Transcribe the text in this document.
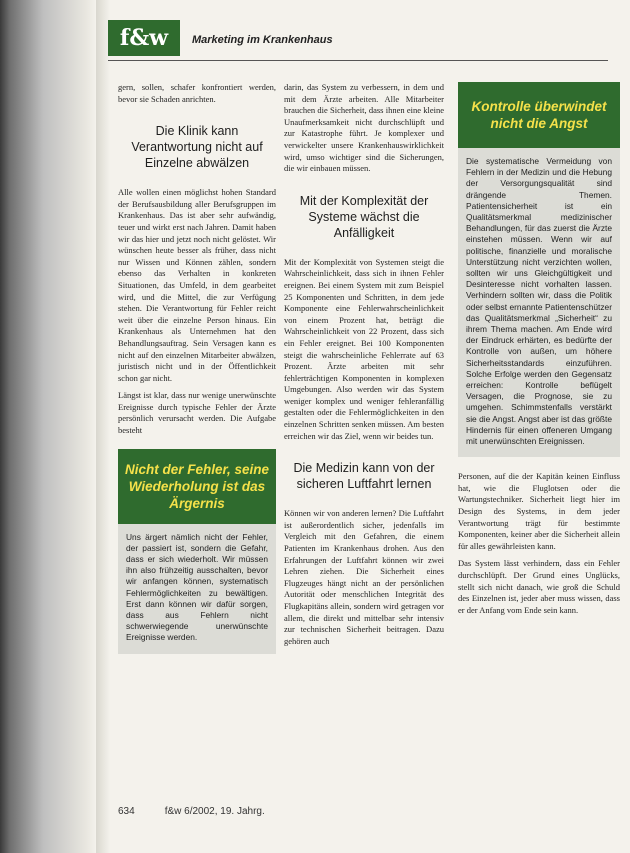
f&w	Marketing im Krankenhaus

gern, sollen, schafer konfrontiert werden, bevor sie Schaden anrichten.

Die Klinik kann Verantwortung nicht auf Einzelne abwälzen

Alle wollen einen möglichst hohen Standard der Berufsausbildung aller Berufsgruppen im Krankenhaus. Das ist aber sehr aufwändig, teuer und wirkt erst nach Jahren. Damit haben wir das hier und jetzt noch nicht gelöstet. Wir wünschen heute besser als früher, dass nicht nur Wissen und Können zählen, sondern ebenso das Verhalten in konkreten Situationen, das Umfeld, in dem gearbeitet wird, und die Mittel, die zur Verfügung stehen. Die Verantwortung für Fehler reicht weit über die einzelne Person hinaus. Ein Krankenhaus als Unternehmen hat den Behandlungsauftrag. Sein Versagen kann es nicht auf den einzelnen Mitarbeiter abwälzen, juristisch nicht und in der Öffentlichkeit schon gar nicht.

Längst ist klar, dass nur wenige unerwünschte Ereignisse durch typische Fehler der Ärzte persönlich verursacht werden. Die Aufgabe besteht

Nicht der Fehler, seine Wiederholung ist das Ärgernis

Uns ärgert nämlich nicht der Fehler, der passiert ist, sondern die Gefahr, dass er sich wiederholt. Wir müssen ihn also frühzeitig ausschalten, bevor wir anfangen können, systematisch Fehlermöglichkeiten zu bewältigen. Erst dann können wir dafür sorgen, dass aus Fehlern nicht schwerwiegende unerwünschte Ereignisse werden.

darin, das System zu verbessern, in dem und mit dem Ärzte arbeiten. Alle Mitarbeiter brauchen die Sicherheit, dass ihnen eine kleine Unaufmerksamkeit nicht durchschlüpft und zur Katastrophe führt. Je komplexer und verwickelter unsere Krankenhauswirklichkeit wird, umso wichtiger sind die Sicherungen, die wir einbauen müssen.

Mit der Komplexität der Systeme wächst die Anfälligkeit

Mit der Komplexität von Systemen steigt die Wahrscheinlichkeit, dass sich in ihnen Fehler ereignen. Bei einem System mit zum Beispiel 25 Komponenten und Schritten, in dem jede Komponente eine Fehlerwahrscheinlichkeit von einem Prozent hat, beträgt die Wahrscheinlichkeit von 22 Prozent, dass sich ein Fehler ereignet. Bei 100 Komponenten steigt die wahrscheinliche Fehlerrate auf 63 Prozent. Ärzte arbeiten mit sehr fehlerträchtigen Komponenten in komplexen Umgebungen. Also werden wir das System weniger komplex und weniger fehleranfällig gestalten oder die Fehlermöglichkeiten in den einzelnen Schritten senken müssen. Am besten erreichen wir das Ziel, wenn wir beides tun.

Die Medizin kann von der sicheren Luftfahrt lernen

Können wir von anderen lernen? Die Luftfahrt ist außerordentlich sicher, jedenfalls im Vergleich mit den Gefahren, die einem Patienten im Krankenhaus drohen. Aus den Erfahrungen der Luftfahrt können wir zwei Lehren ziehen. Die Sicherheit eines Flugzeuges hängt nicht an der persönlichen Autorität oder menschlichen Integrität des Flugkapitäns allein, sondern wird getragen vor allem, die direkt und mittelbar sehr intensiv zur technischen Sicherheit beitragen. Dazu gehören auch

Kontrolle überwindet nicht die Angst

Die systematische Vermeidung von Fehlern in der Medizin und die Hebung der Versorgungsqualität sind drängende Themen. Patientensicherheit ist ein Qualitätsmerkmal medizinischer Behandlungen, für das zuerst die Ärzte einstehen müssen. Wenn wir auf politische, finanzielle und moralische Unterstützung nicht verzichten wollen, sollten wir uns Gleichgültigkeit und Desinteresse nicht vorhalten lassen. Verhindern sollten wir, dass die Politik oder selbst ernannte Patientenschützer das Qualitätsmerkmal „Sicherheit“ zu ihrem Thema machen. Am Ende wird der Eindruck erhärten, es bedürfte der Kontrolle von außen, um höhere Sicherheitsstandards einzuführen. Solche Erfolge werden den Gegensatz erreichen: Kontrolle beflügelt Versagen, die Prognose, sie zu umgehen. Schimmstenfalls verstärkt sie die Angst. Angst aber ist das größte Hindernis für einen offeneren Umgang mit unerwünschten Ereignissen.

Personen, auf die der Kapitän keinen Einfluss hat, wie die Fluglotsen oder die Wartungstechniker. Sicherheit liegt hier im Design des Systems, in dem jeder Verantwortung trägt für bestimmte Komponenten, keiner aber die Sicherheit allein für alles gewährleisten kann.

Das System lässt verhindern, dass ein Fehler durchschlüpft. Der Grund eines Unglücks, stellt sich nicht danach, wie groß die Schuld des Einzelnen ist, jeder aber muss wissen, dass er der Anfang vom Ende sein kann.

634	f&w 6/2002, 19. Jahrg.
